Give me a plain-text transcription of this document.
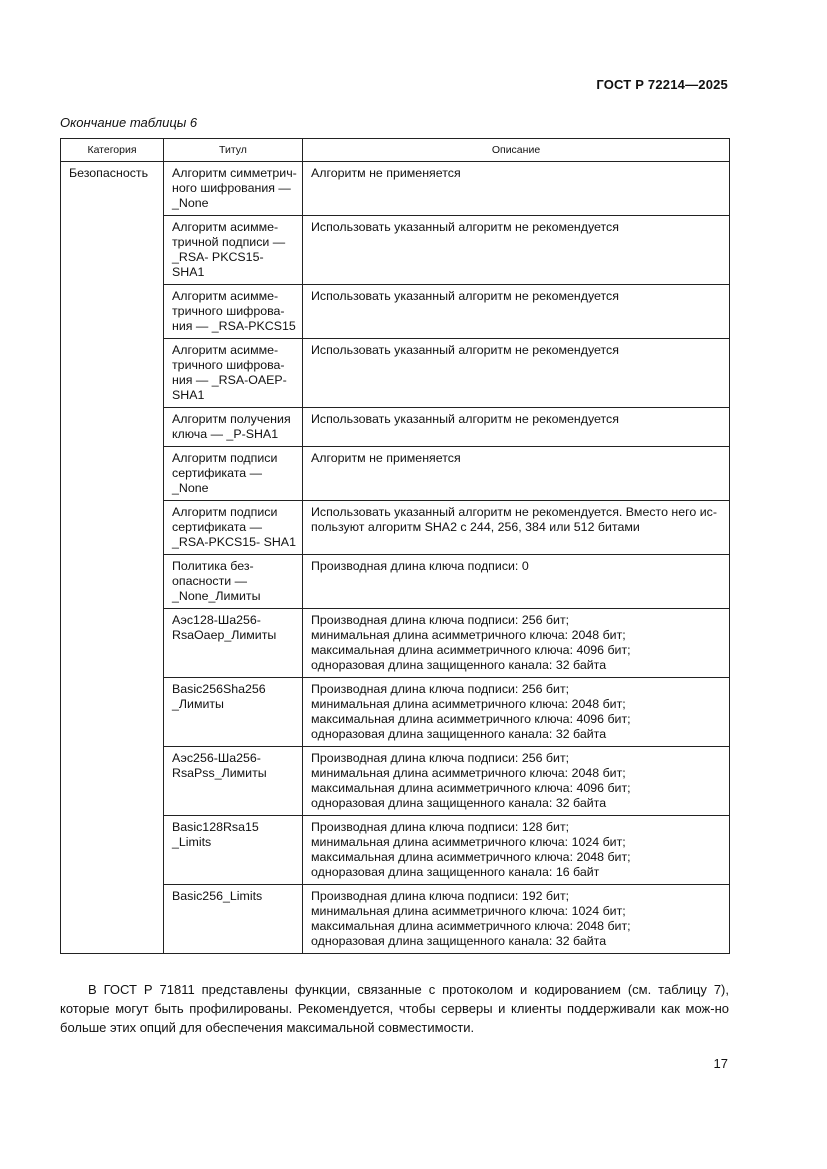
ГОСТ Р 72214—2025
Окончание таблицы 6
Категория	Титул	Описание
Безопасность	Алгоритм симметрич-
ного шифрования —
_None	Алгоритм не применяется
	Алгоритм асимме-
тричной подписи —
_RSA- PKCS15-
SHA1	Использовать указанный алгоритм не рекомендуется
	Алгоритм асимме-
тричного шифрова-
ния — _RSA-PKCS15	Использовать указанный алгоритм не рекомендуется
	Алгоритм асимме-
тричного шифрова-
ния — _RSA-OAEP-
SHA1	Использовать указанный алгоритм не рекомендуется
	Алгоритм получения
ключа — _P-SHA1	Использовать указанный алгоритм не рекомендуется
	Алгоритм подписи
сертификата —
_None	Алгоритм не применяется
	Алгоритм подписи
сертификата —
_RSA-PKCS15- SHA1	Использовать указанный алгоритм не рекомендуется. Вместо него ис-
пользуют алгоритм SHA2 с 244, 256, 384 или 512 битами
	Политика без-
опасности —
_None_Лимиты	Производная длина ключа подписи: 0
	Аэс128-Ша256-
RsaOaep_Лимиты	Производная длина ключа подписи: 256 бит;
минимальная длина асимметричного ключа: 2048 бит;
максимальная длина асимметричного ключа: 4096 бит;
одноразовая длина защищенного канала: 32 байта
	Basic256Sha256
_Лимиты	Производная длина ключа подписи: 256 бит;
минимальная длина асимметричного ключа: 2048 бит;
максимальная длина асимметричного ключа: 4096 бит;
одноразовая длина защищенного канала: 32 байта
	Аэс256-Ша256-
RsaPss_Лимиты	Производная длина ключа подписи: 256 бит;
минимальная длина асимметричного ключа: 2048 бит;
максимальная длина асимметричного ключа: 4096 бит;
одноразовая длина защищенного канала: 32 байта
	Basic128Rsa15
_Limits	Производная длина ключа подписи: 128 бит;
минимальная длина асимметричного ключа: 1024 бит;
максимальная длина асимметричного ключа: 2048 бит;
одноразовая длина защищенного канала: 16 байт
	Basic256_Limits	Производная длина ключа подписи: 192 бит;
минимальная длина асимметричного ключа: 1024 бит;
максимальная длина асимметричного ключа: 2048 бит;
одноразовая длина защищенного канала: 32 байта
В ГОСТ Р 71811 представлены функции, связанные с протоколом и кодированием (см. таблицу 7), которые могут быть профилированы. Рекомендуется, чтобы серверы и клиенты поддерживали как мож-но больше этих опций для обеспечения максимальной совместимости.
17
